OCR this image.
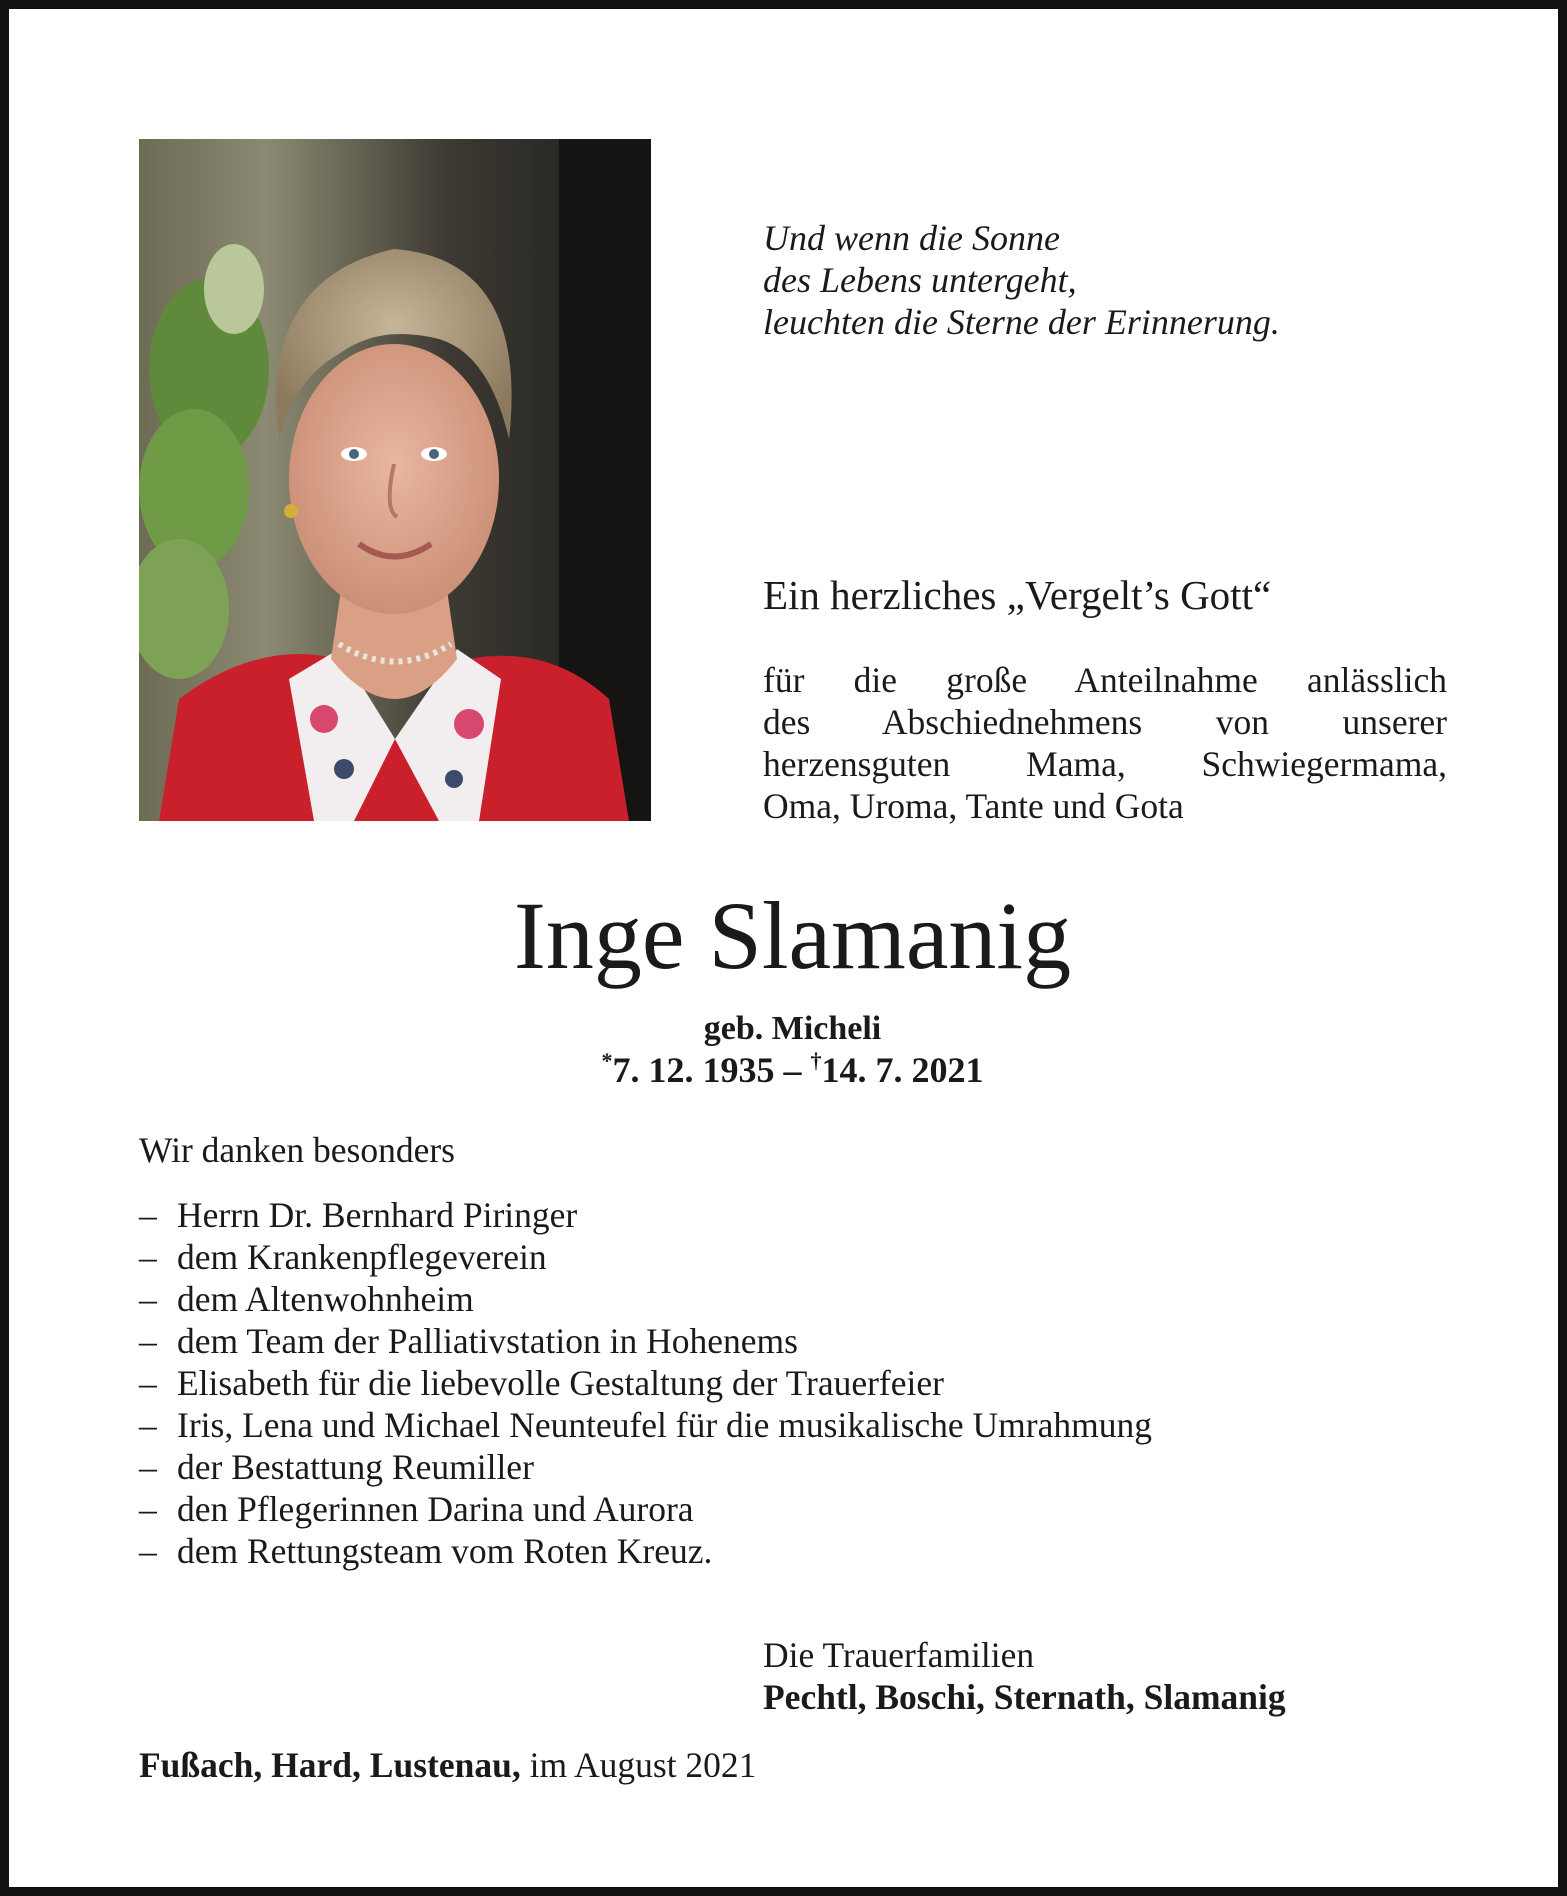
Und wenn die Sonne
des Lebens untergeht,
leuchten die Sterne der Erinnerung.
Ein herzliches „Vergelt’s Gott“
für die große Anteilnahme anlässlich
des Abschiednehmens von unserer
herzensguten Mama, Schwiegermama,
Oma, Uroma, Tante und Gota
Inge Slamanig
geb. Micheli
*7. 12. 1935 – †14. 7. 2021
Wir danken besonders
– Herrn Dr. Bernhard Piringer
– dem Krankenpflegeverein
– dem Altenwohnheim
– dem Team der Palliativstation in Hohenems
– Elisabeth für die liebevolle Gestaltung der Trauerfeier
– Iris, Lena und Michael Neunteufel für die musikalische Umrahmung
– der Bestattung Reumiller
– den Pflegerinnen Darina und Aurora
– dem Rettungsteam vom Roten Kreuz.
Die Trauerfamilien
Pechtl, Boschi, Sternath, Slamanig
Fußach, Hard, Lustenau, im August 2021
